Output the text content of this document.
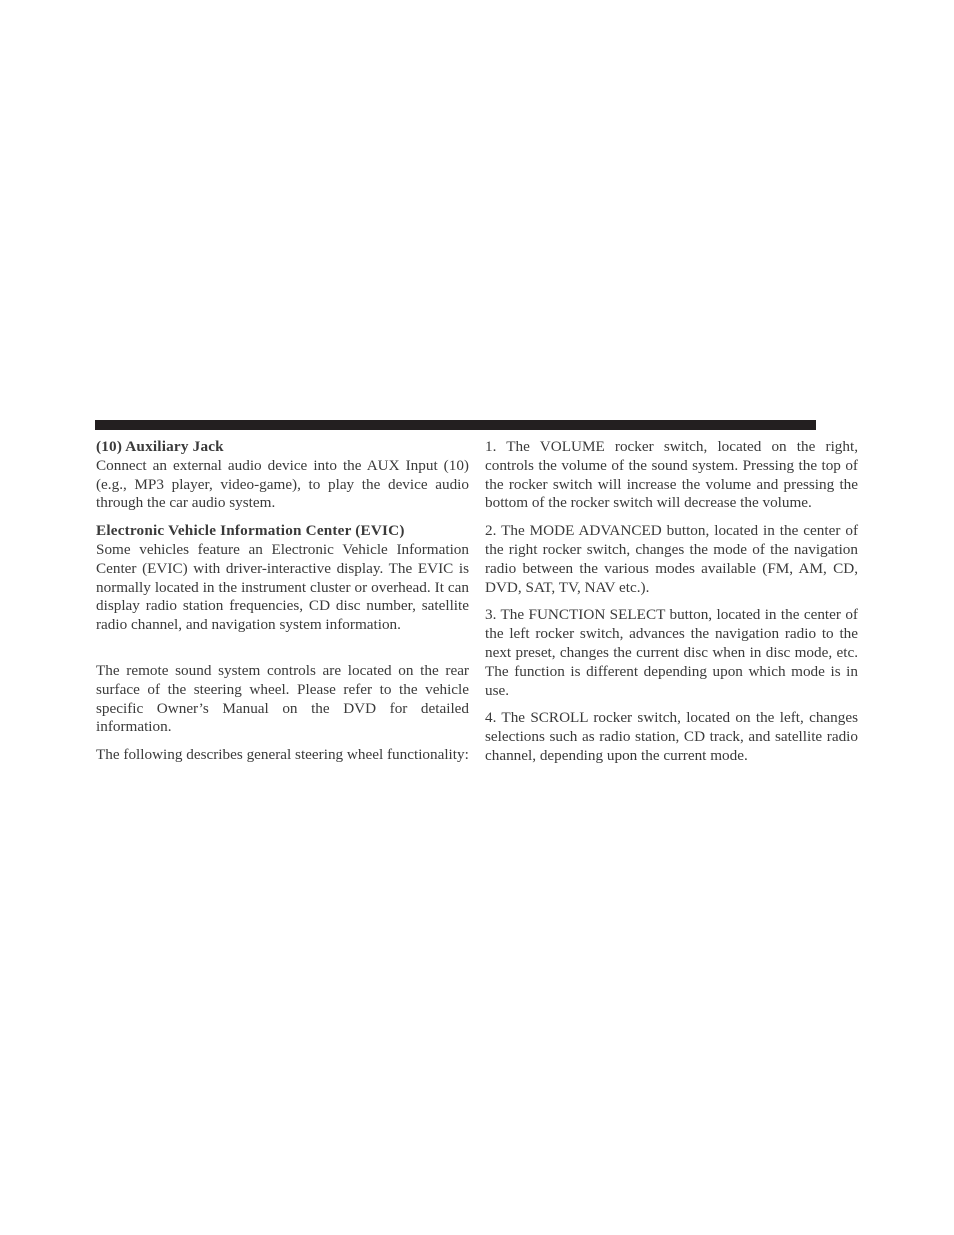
(10) Auxiliary Jack

Connect an external audio device into the AUX Input (10) (e.g., MP3 player, video-game), to play the device audio through the car audio system.

Electronic Vehicle Information Center (EVIC)

Some vehicles feature an Electronic Vehicle Information Center (EVIC) with driver-interactive display. The EVIC is normally located in the instrument cluster or overhead. It can display radio station frequencies, CD disc number, satellite radio channel, and navigation system information.

The remote sound system controls are located on the rear surface of the steering wheel. Please refer to the vehicle specific Owner’s Manual on the DVD for detailed information.

The following describes general steering wheel functionality:

1. The VOLUME rocker switch, located on the right, controls the volume of the sound system. Pressing the top of the rocker switch will increase the volume and pressing the bottom of the rocker switch will decrease the volume.

2. The MODE ADVANCED button, located in the center of the right rocker switch, changes the mode of the navigation radio between the various modes available (FM, AM, CD, DVD, SAT, TV, NAV etc.).

3. The FUNCTION SELECT button, located in the center of the left rocker switch, advances the navigation radio to the next preset, changes the current disc when in disc mode, etc. The function is different depending upon which mode is in use.

4. The SCROLL rocker switch, located on the left, changes selections such as radio station, CD track, and satellite radio channel, depending upon the current mode.
